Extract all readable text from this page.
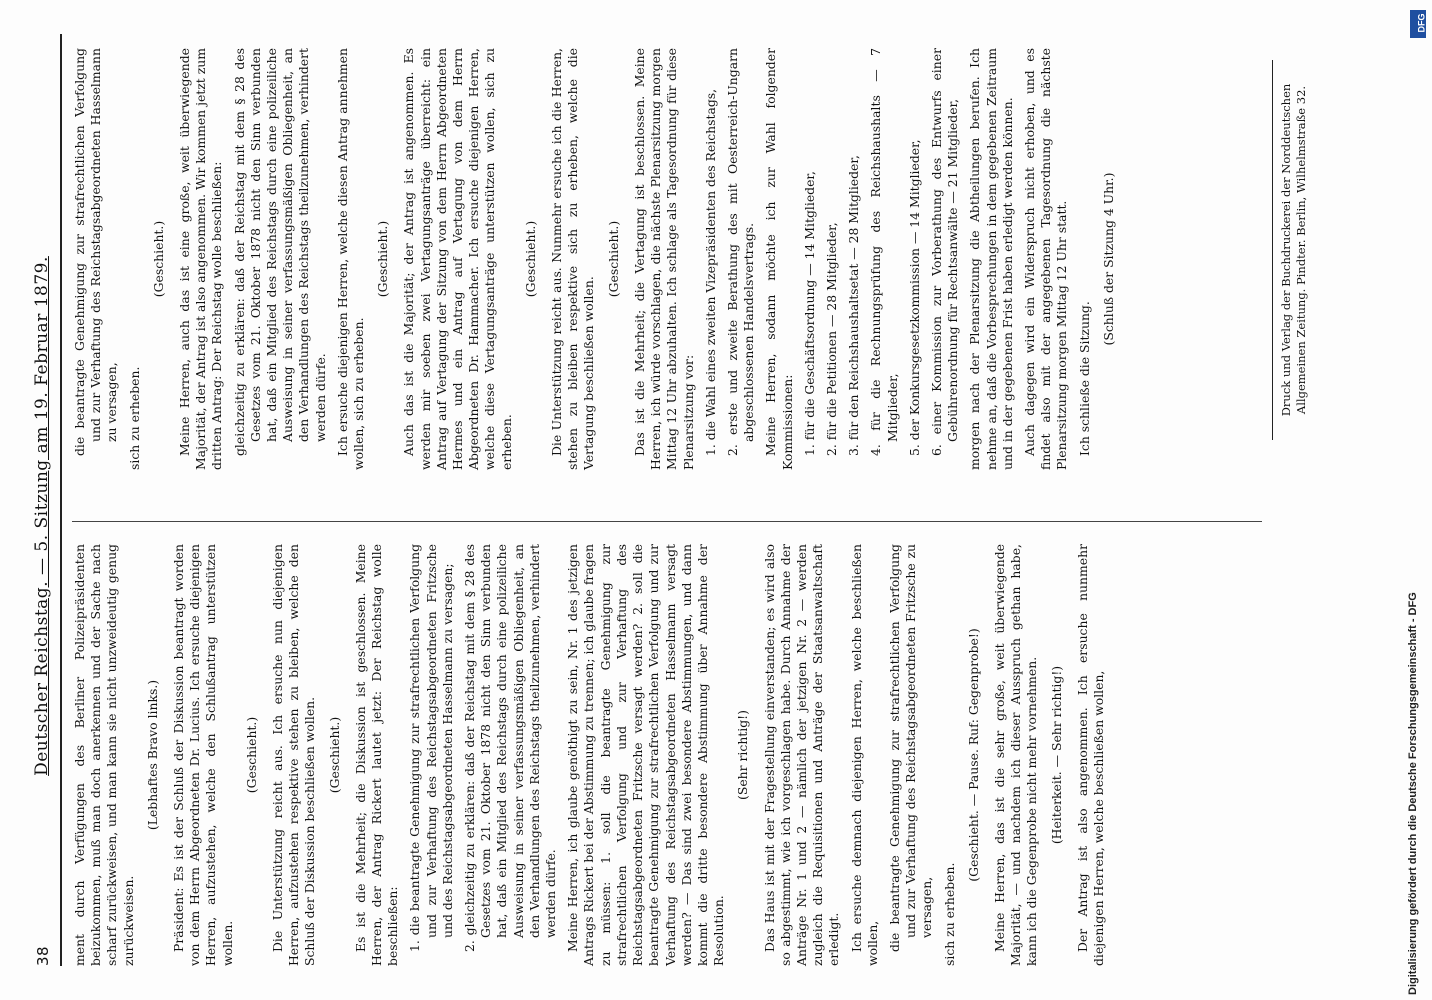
38
Deutscher Reichstag. — 5. Sitzung am 19. Februar 1879. ment durch Verfügungen des Berliner Polizeipräsidenten beizukommen, muß man doch anerkennen und der Sache nach scharf zurückweisen, und man kann sie nicht unzweideutig genug zurückweisen.

(Lebhaftes Bravo links.) Präsident: Es ist der Schluß der Diskussion beantragt worden von dem Herrn Abgeordneten Dr. Lucius. Ich ersuche diejenigen Herren, aufzustehen, welche den Schlußantrag unterstützen wollen.

(Geschieht.) Die Unterstützung reicht aus. Ich ersuche nun diejenigen Herren, aufzustehen respektive stehen zu bleiben, welche den Schluß der Diskussion beschließen wollen. (Geschieht.) Es ist die Mehrheit; die Diskussion ist geschlossen. Meine Herren, der Antrag Rickert lautet jetzt: Der Reichstag wolle beschließen: 1. die beantragte Genehmigung zur strafrechtlichen Verfolgung und zur Verhaftung des Reichstagsabgeordneten Fritzsche und des Reichstagsabgeordneten Hasselmann zu versagen; 2. gleichzeitig zu erklären: daß der Reichstag mit dem § 28 des Gesetzes vom 21. Oktober 1878 nicht den Sinn verbunden hat, daß ein Mitglied des Reichstags durch eine polizeiliche Ausweisung in seiner verfassungsmäßigen Obliegenheit, an den Verhandlungen des Reichstags theilzunehmen, verhindert werden dürfe. Meine Herren, ich glaube genöthigt zu sein, Nr. 1 des jetzigen Antrags Rickert bei der Abstimmung zu trennen; ich glaube fragen zu müssen: 1. soll die beantragte Genehmigung zur strafrechtlichen Verfolgung und zur Verhaftung des Reichstagsabgeordneten Fritzsche versagt werden? 2. soll die beantragte Genehmigung zur strafrechtlichen Verfolgung und zur Verhaftung des Reichstagsabgeordneten Hasselmann versagt werden? — Das sind zwei besondere Abstimmungen, und dann kommt die dritte besondere Abstimmung über Annahme der Resolution.

(Sehr richtig!) Das Haus ist mit der Fragestellung einverstanden; es wird also so abgestimmt, wie ich vorgeschlagen habe. Durch Annahme der Anträge Nr. 1 und 2 — nämlich der jetzigen Nr. 2 — werden zugleich die Requisitionen und Anträge der Staatsanwaltschaft erledigt. Ich ersuche demnach diejenigen Herren, welche beschließen wollen, die beantragte Genehmigung zur strafrechtlichen Verfolgung und zur Verhaftung des Reichstagsabgeordneten Fritzsche zu versagen, sich zu erheben.

(Geschieht. — Pause. Ruf: Gegenprobe!) Meine Herren, das ist die sehr große, weit überwiegende Majorität, — und nachdem ich dieser Ausspruch gethan habe, kann ich die Gegenprobe nicht mehr vornehmen. (Heiterkeit. — Sehr richtig!) Der Antrag ist also angenommen. Ich ersuche nunmehr diejenigen Herren, welche beschließen wollen,

die beantragte Genehmigung zur strafrechtlichen Verfolgung und zur Verhaftung des Reichstagsabgeordneten Hasselmann zu versagen, sich zu erheben.

(Geschieht.) Meine Herren, auch das ist eine große, weit überwiegende Majorität, der Antrag ist also angenommen. Wir kommen jetzt zum dritten Antrag: Der Reichstag wolle beschließen: gleichzeitig zu erklären: daß der Reichstag mit dem § 28 des Gesetzes vom 21. Oktober 1878 nicht den Sinn verbunden hat, daß ein Mitglied des Reichstags durch eine polizeiliche Ausweisung in seiner verfassungsmäßigen Obliegenheit, an den Verhandlungen des Reichstags theilzunehmen, verhindert werden dürfe. Ich ersuche diejenigen Herren, welche diesen Antrag annehmen wollen, sich zu erheben.

(Geschieht.) Auch das ist die Majorität; der Antrag ist angenommen. Es werden mir soeben zwei Vertagungsanträge überreicht: ein Antrag auf Vertagung der Sitzung von dem Herrn Abgeordneten Hermes und ein Antrag auf Vertagung von dem Herrn Abgeordneten Dr. Hammacher. Ich ersuche diejenigen Herren, welche diese Vertagungsanträge unterstützen wollen, sich zu erheben.

(Geschieht.) Die Unterstützung reicht aus. Nunmehr ersuche ich die Herren, stehen zu bleiben respektive sich zu erheben, welche die Vertagung beschließen wollen.

(Geschieht.) Das ist die Mehrheit; die Vertagung ist beschlossen. Meine Herren, ich würde vorschlagen, die nächste Plenarsitzung morgen Mittag 12 Uhr abzuhalten. Ich schlage als Tagesordnung für diese Plenarsitzung vor: 1. die Wahl eines zweiten Vizepräsidenten des Reichstags, 2. erste und zweite Berathung des mit Oesterreich-Ungarn abgeschlossenen Handelsvertrags. Meine Herren, sodann möchte ich zur Wahl folgender Kommissionen: 1. für die Geschäftsordnung — 14 Mitglieder, 2. für die Petitionen — 28 Mitglieder, 3. für den Reichshaushaltsetat — 28 Mitglieder, 4. für die Rechnungsprüfung des Reichshaushalts — 7 Mitglieder, 5. der Konkursgesetzkommission — 14 Mitglieder, 6. einer Kommission zur Vorberathung des Entwurfs einer Gebührenordnung für Rechtsanwälte — 21 Mitglieder, morgen nach der Plenarsitzung die Abtheilungen berufen. Ich nehme an, daß die Vorbesprechungen in dem gegebenen Zeitraum und in der gegebenen Frist haben erledigt werden können. Auch dagegen wird ein Widerspruch nicht erhoben, und es findet also mit der angegebenen Tagesordnung die nächste Plenarsitzung morgen Mittag 12 Uhr statt. Ich schließe die Sitzung.

(Schluß der Sitzung 4 Uhr.)	Druck und Verlag der Buchdruckerei der Norddeutschen Allgemeinen Zeitung. Pindter. Berlin, Wilhelmstraße 32.
DFG
Digitalisierung gefördert durch die Deutsche Forschungsgemeinschaft - DFG
